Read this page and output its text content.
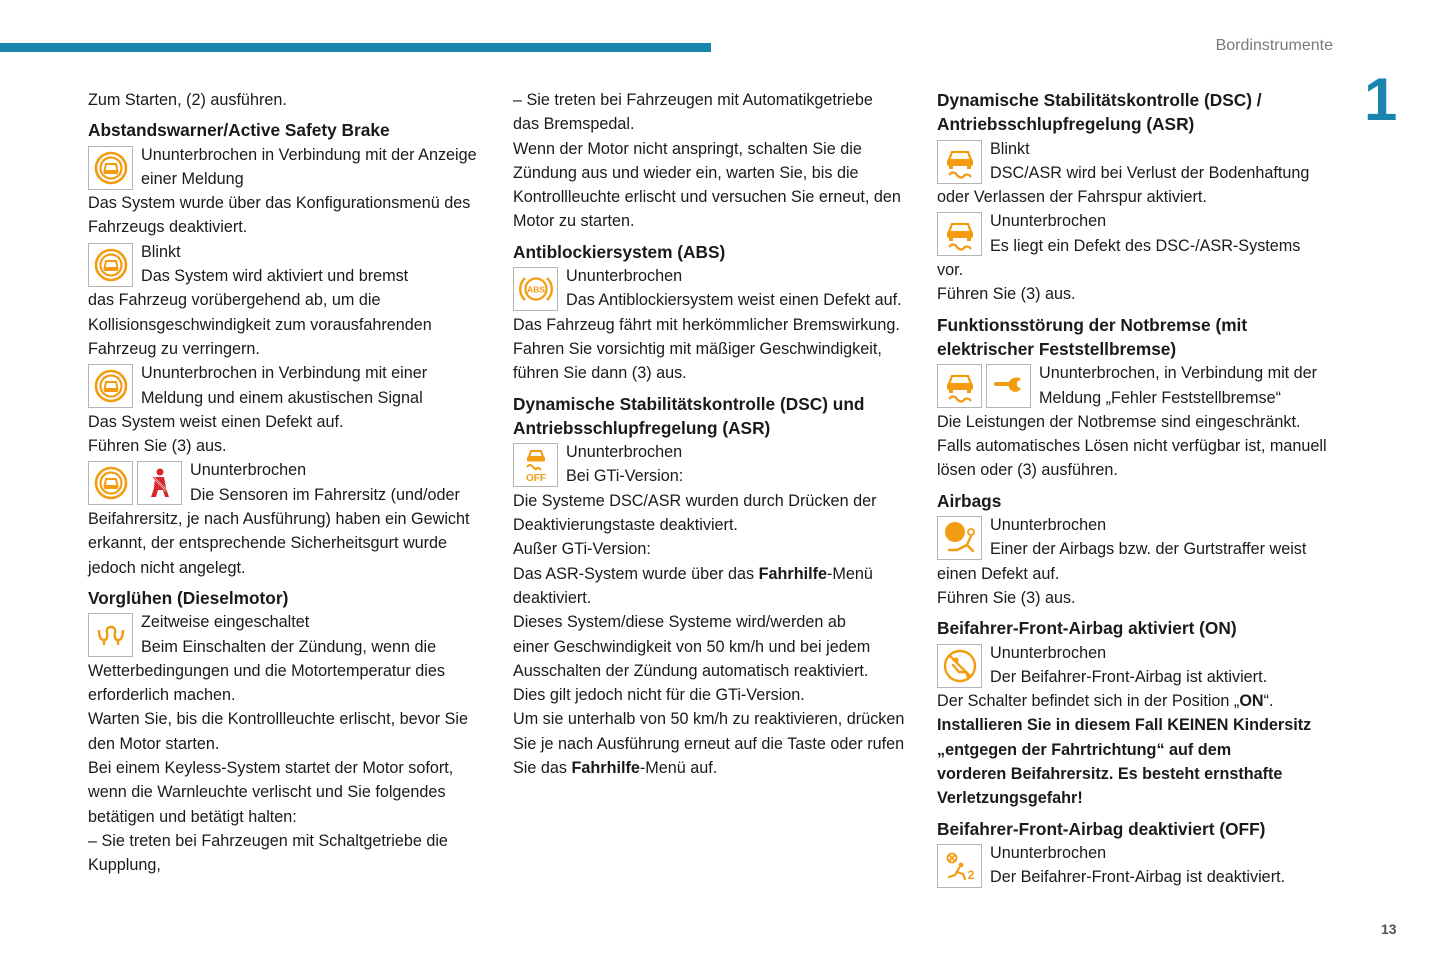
Bordinstrumente
1
13

Zum Starten, (2) ausführen.

Abstandswarner/Active Safety Brake

Ununterbrochen in Verbindung mit der Anzeige

einer Meldung

Das System wurde über das Konfigurationsmenü des

Fahrzeugs deaktiviert.

Blinkt

Das System wird aktiviert und bremst

das Fahrzeug vorübergehend ab, um die

Kollisionsgeschwindigkeit zum vorausfahrenden

Fahrzeug zu verringern.

Ununterbrochen in Verbindung mit einer

Meldung und einem akustischen Signal

Das System weist einen Defekt auf.

Führen Sie (3) aus.

Ununterbrochen

Die Sensoren im Fahrersitz (und/oder

Beifahrersitz, je nach Ausführung) haben ein Gewicht

erkannt, der entsprechende Sicherheitsgurt wurde

jedoch nicht angelegt.

Vorglühen (Dieselmotor)

Zeitweise eingeschaltet

Beim Einschalten der Zündung, wenn die

Wetterbedingungen und die Motortemperatur dies

erforderlich machen.

Warten Sie, bis die Kontrollleuchte erlischt, bevor Sie

den Motor starten.

Bei einem Keyless-System startet der Motor sofort,

wenn die Warnleuchte verlischt und Sie folgendes

betätigen und betätigt halten:

– Sie treten bei Fahrzeugen mit Schaltgetriebe die

Kupplung,

– Sie treten bei Fahrzeugen mit Automatikgetriebe

das Bremspedal.

Wenn der Motor nicht anspringt, schalten Sie die

Zündung aus und wieder ein, warten Sie, bis die

Kontrollleuchte erlischt und versuchen Sie erneut, den

Motor zu starten.

Antiblockiersystem (ABS)

ABS

Ununterbrochen

Das Antiblockiersystem weist einen Defekt auf.

Das Fahrzeug fährt mit herkömmlicher Bremswirkung.

Fahren Sie vorsichtig mit mäßiger Geschwindigkeit,

führen Sie dann (3) aus.

Dynamische Stabilitätskontrolle (DSC) und
Antriebsschlupfregelung (ASR)

OFF

Ununterbrochen

Bei GTi-Version:

Die Systeme DSC/ASR wurden durch Drücken der

Deaktivierungstaste deaktiviert.

Außer GTi-Version:

Das ASR-System wurde über das Fahrhilfe-Menü

deaktiviert.

Dieses System/diese Systeme wird/werden ab

einer Geschwindigkeit von 50 km/h und bei jedem

Ausschalten der Zündung automatisch reaktiviert.

Dies gilt jedoch nicht für die GTi-Version.

Um sie unterhalb von 50 km/h zu reaktivieren, drücken

Sie je nach Ausführung erneut auf die Taste oder rufen

Sie das Fahrhilfe-Menü auf.

Dynamische Stabilitätskontrolle (DSC) /
Antriebsschlupfregelung (ASR)

Blinkt

DSC/ASR wird bei Verlust der Bodenhaftung

oder Verlassen der Fahrspur aktiviert.

Ununterbrochen

Es liegt ein Defekt des DSC-/ASR-Systems

vor.

Führen Sie (3) aus.

Funktionsstörung der Notbremse (mit
elektrischer Feststellbremse)

Ununterbrochen, in Verbindung mit der

Meldung „Fehler Feststellbremse“

Die Leistungen der Notbremse sind eingeschränkt.

Falls automatisches Lösen nicht verfügbar ist, manuell

lösen oder (3) ausführen.

Airbags

Ununterbrochen

Einer der Airbags bzw. der Gurtstraffer weist

einen Defekt auf.

Führen Sie (3) aus.

Beifahrer-Front-Airbag aktiviert (ON)

Ununterbrochen

Der Beifahrer-Front-Airbag ist aktiviert.

Der Schalter befindet sich in der Position „ON“.

Installieren Sie in diesem Fall KEINEN Kindersitz

„entgegen der Fahrtrichtung“ auf dem

vorderen Beifahrersitz. Es besteht ernsthafte

Verletzungsgefahr!

Beifahrer-Front-Airbag deaktiviert (OFF)

2

Ununterbrochen

Der Beifahrer-Front-Airbag ist deaktiviert.
